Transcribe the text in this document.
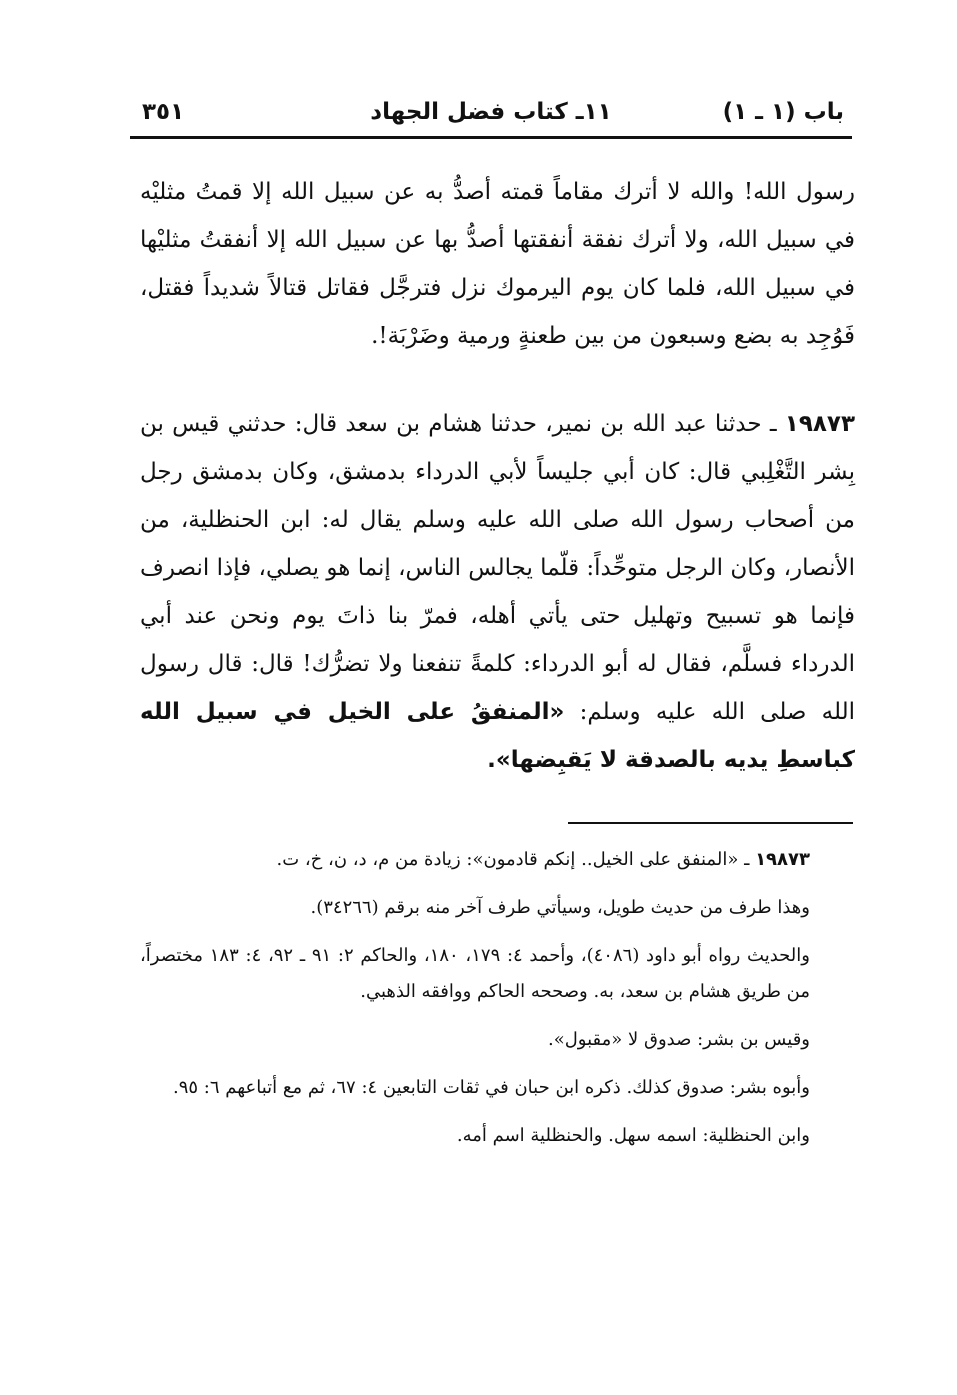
٣٥١	١١ـ كتاب فضل الجهاد	باب (١ ـ ١)

رسول الله! والله لا أترك مقاماً قمته أصدُّ به عن سبيل الله إلا قمتُ مثليْه في سبيل الله، ولا أترك نفقة أنفقتها أصدُّ بها عن سبيل الله إلا أنفقتُ مثليْها في سبيل الله، فلما كان يوم اليرموك نزل فترجَّل فقاتل قتالاً شديداً فقتل، فَوُجِد به بضع وسبعون من بين طعنةٍ ورمية وضَرْبَة!.

١٩٨٧٣ ـ حدثنا عبد الله بن نمير، حدثنا هشام بن سعد قال: حدثني قيس بن بِشر التَّغْلِبي قال: كان أبي جليساً لأبي الدرداء بدمشق، وكان بدمشق رجل من أصحاب رسول الله صلى الله عليه وسلم يقال له: ابن الحنظلية، من الأنصار، وكان الرجل متوحِّداً: قلّما يجالس الناس، إنما هو يصلي، فإذا انصرف فإنما هو تسبيح وتهليل حتى يأتي أهله، فمرّ بنا ذاتَ يوم ونحن عند أبي الدرداء فسلَّم، فقال له أبو الدرداء: كلمةً تنفعنا ولا تضرُّك! قال: قال رسول الله صلى الله عليه وسلم: «المنفقُ على الخيل في سبيل الله كباسطِ يديه بالصدقة لا يَقبِضها».

١٩٨٧٣ ـ «المنفق على الخيل.. إنكم قادمون»: زيادة من م، د، ن، خ، ت.

وهذا طرف من حديث طويل، وسيأتي طرف آخر منه برقم (٣٤٢٦٦).

والحديث رواه أبو داود (٤٠٨٦)، وأحمد ٤: ١٧٩، ١٨٠، والحاكم ٢: ٩١ ـ ٩٢، ٤: ١٨٣ مختصراً، من طريق هشام بن سعد، به. وصححه الحاكم ووافقه الذهبي.

وقيس بن بشر: صدوق لا «مقبول».

وأبوه بشر: صدوق كذلك. ذكره ابن حبان في ثقات التابعين ٤: ٦٧، ثم مع أتباعهم ٦: ٩٥.

وابن الحنظلية: اسمه سهل. والحنظلية اسم أمه.
